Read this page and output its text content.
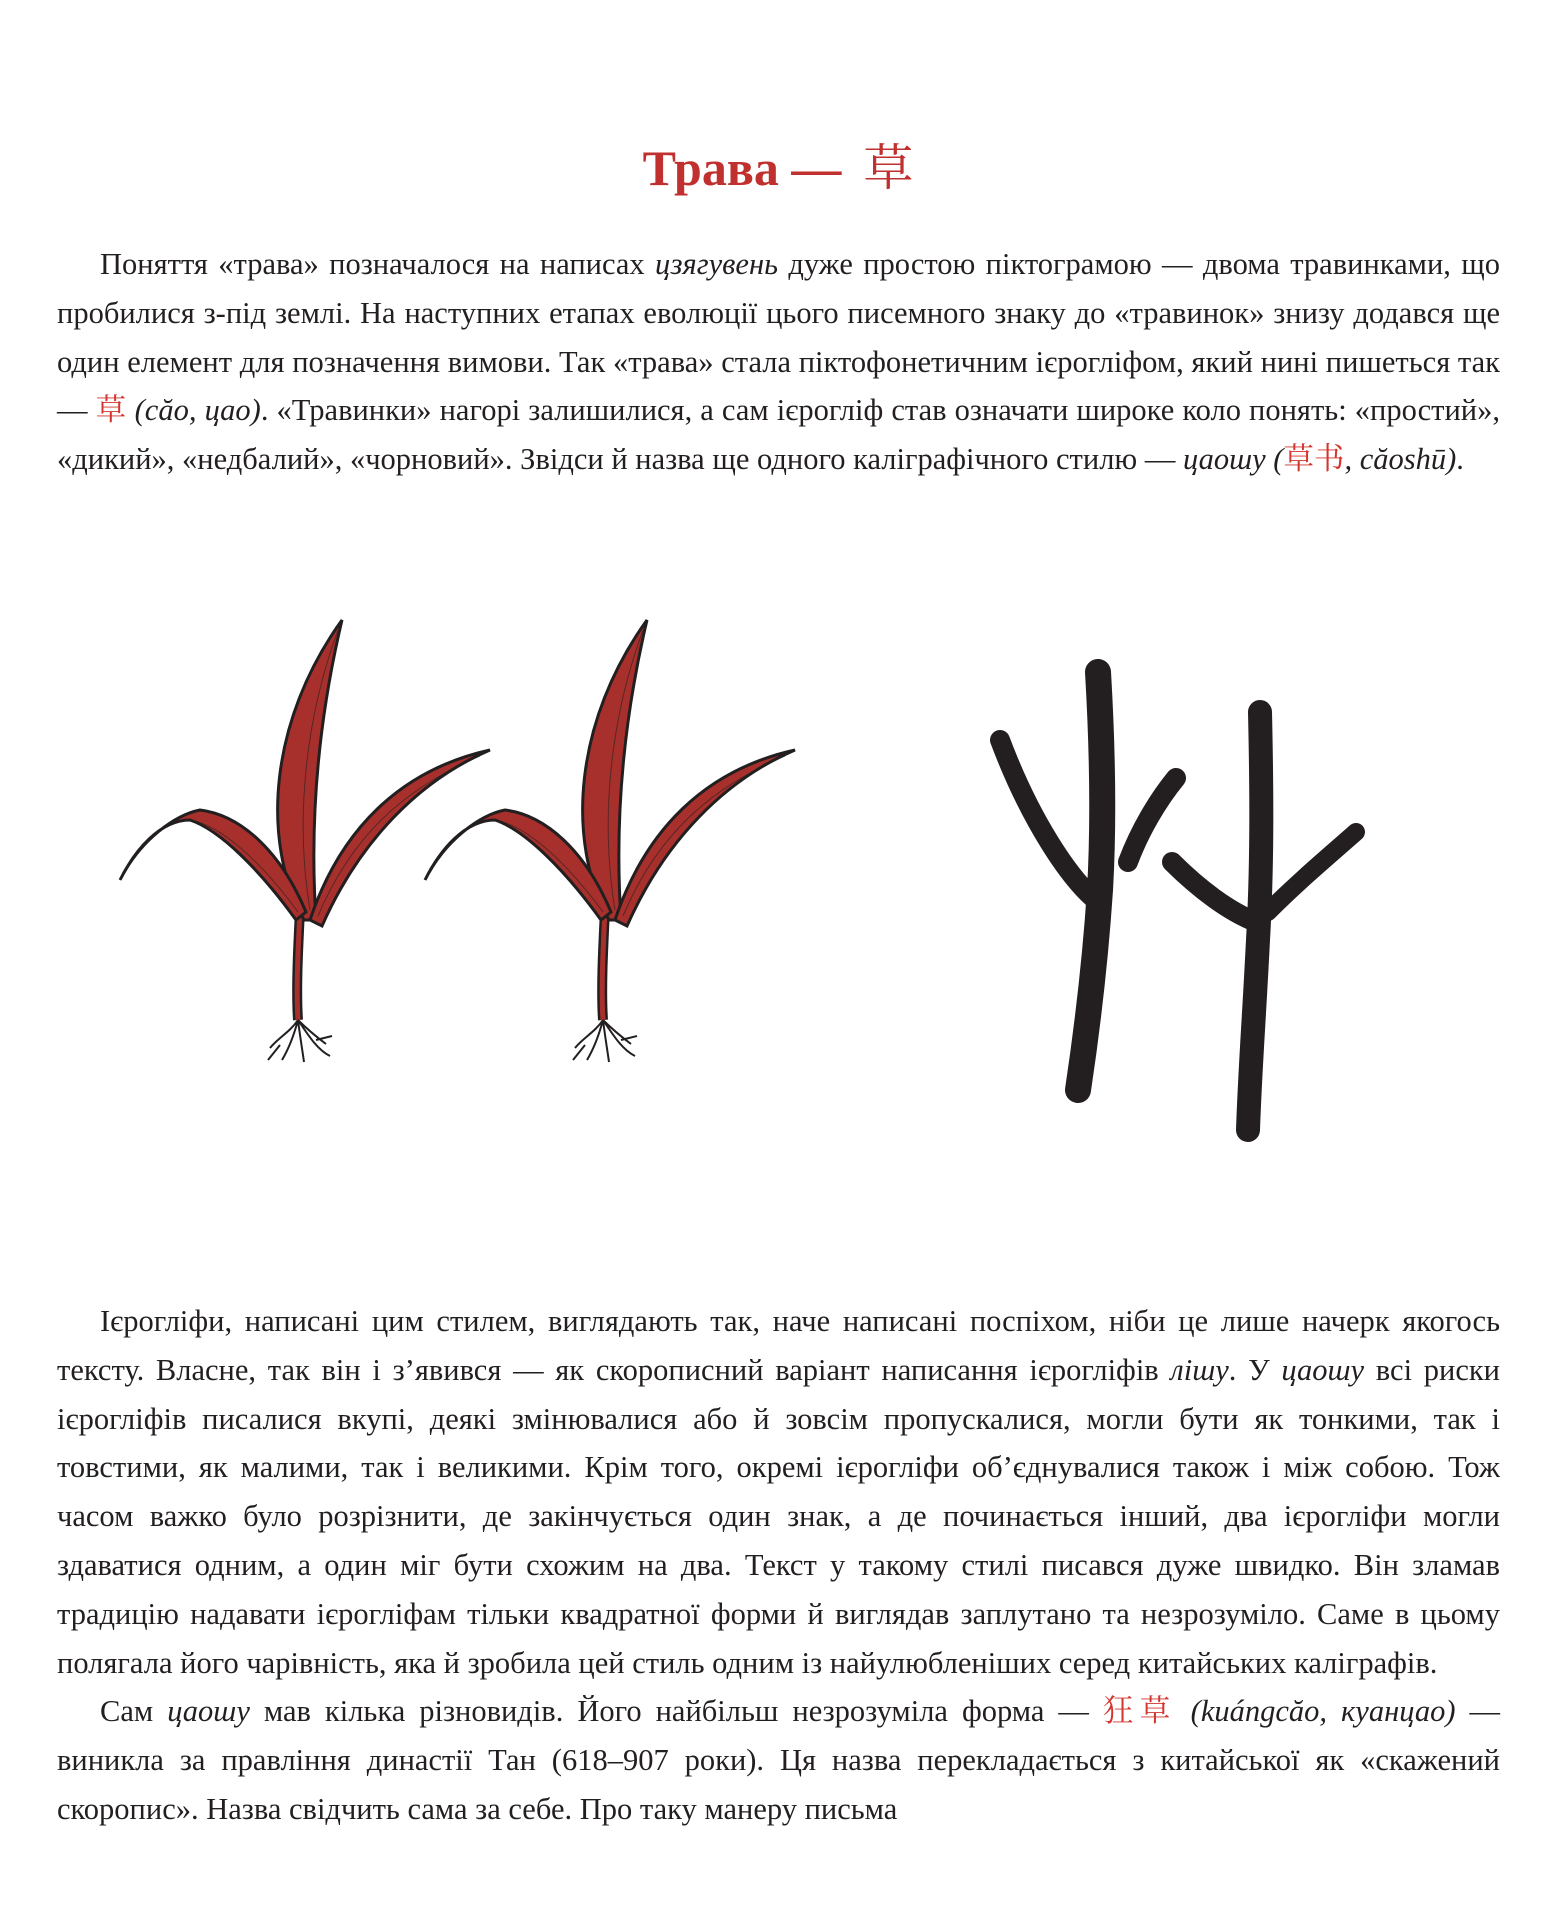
Трава — 草

Поняття «трава» позначалося на написах цзягувень дуже простою піктограмою — двома травинками, що пробилися з-під землі. На наступних етапах еволюції цього писемного знаку до «травинок» знизу додався ще один елемент для позначення вимови. Так «трава» стала піктофонетичним ієрогліфом, який нині пишеться так — 草 (căo, цао). «Травинки» нагорі залишилися, а сам ієрогліф став означати широке коло понять: «простий», «дикий», «недбалий», «чорновий». Звідси й назва ще одного каліграфічного стилю — цаошу (草书, căoshū).

Ієрогліфи, написані цим стилем, виглядають так, наче написані поспіхом, ніби це лише начерк якогось тексту. Власне, так він і з’явився — як скорописний варіант написання ієрогліфів лішу. У цаошу всі риски ієрогліфів писалися вкупі, деякі змінювалися або й зовсім пропускалися, могли бути як тонкими, так і товстими, як малими, так і великими. Крім того, окремі ієрогліфи об’єднувалися також і між собою. Тож часом важко було розрізнити, де закінчується один знак, а де починається інший, два ієрогліфи могли здаватися одним, а один міг бути схожим на два. Текст у такому стилі писався дуже швидко. Він зламав традицію надавати ієрогліфам тільки квадратної форми й виглядав заплутано та незрозуміло. Саме в цьому полягала його чарівність, яка й зробила цей стиль одним із найулюбленіших серед китайських каліграфів.

Сам цаошу мав кілька різновидів. Його найбільш незрозуміла форма — 狂草 (kuángcăo, куанцао) — виникла за правління династії Тан (618–907 роки). Ця назва перекладається з китайської як «скажений скоропис». Назва свідчить сама за себе. Про таку манеру письма
